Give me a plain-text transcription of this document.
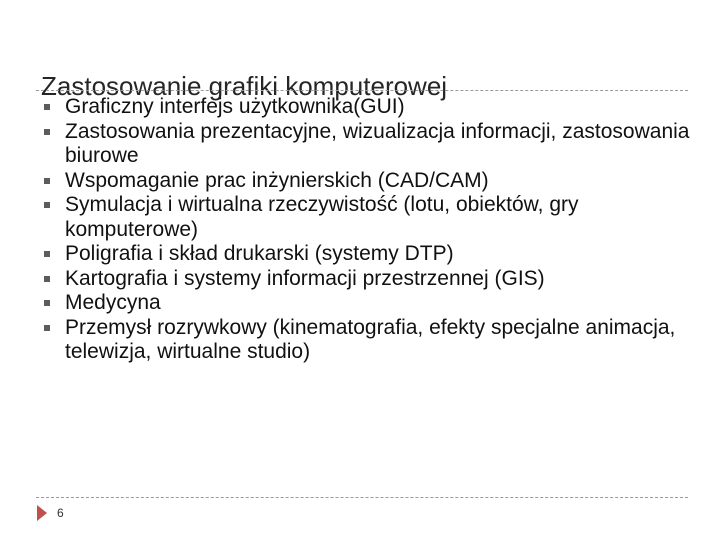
Zastosowanie grafiki komputerowej
Graficzny interfejs użytkownika(GUI)
Zastosowania prezentacyjne, wizualizacja informacji, zastosowania biurowe
Wspomaganie prac inżynierskich (CAD/CAM)
Symulacja i wirtualna rzeczywistość (lotu, obiektów, gry komputerowe)
Poligrafia i skład drukarski (systemy DTP)
Kartografia i systemy informacji przestrzennej (GIS)
Medycyna
Przemysł rozrywkowy (kinematografia, efekty specjalne animacja, telewizja, wirtualne studio)
6
